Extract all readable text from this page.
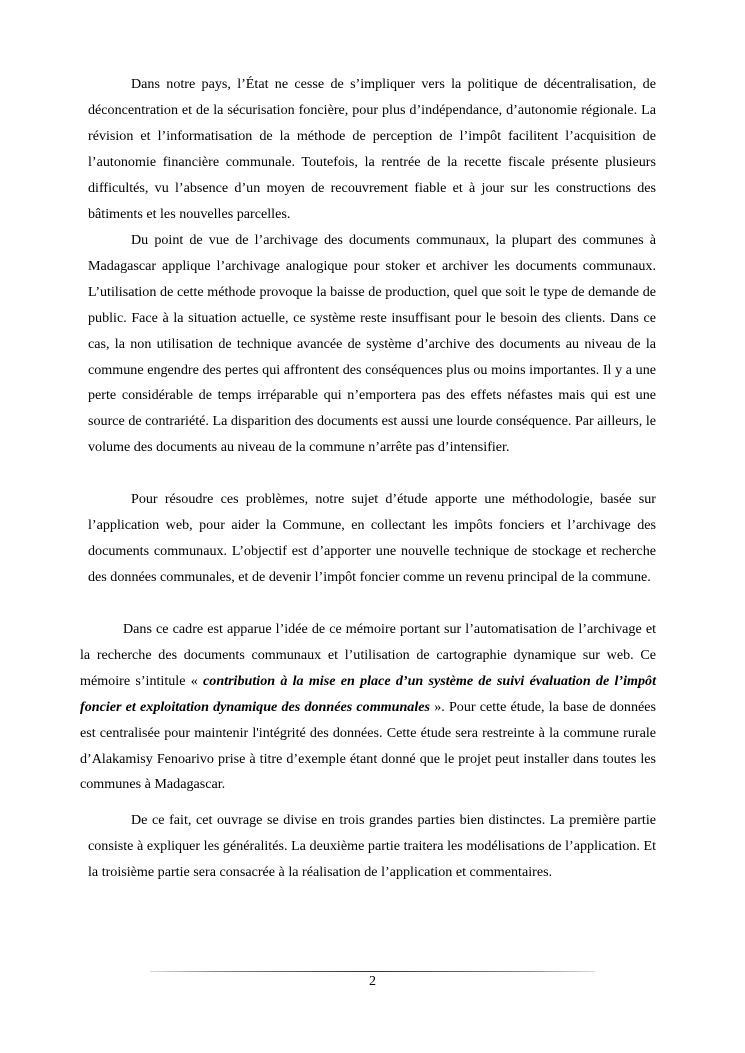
Dans notre pays, l’État ne cesse de s’impliquer vers la politique de décentralisation, de déconcentration et de la sécurisation foncière, pour plus d’indépendance, d’autonomie régionale. La révision et l’informatisation de la méthode de perception de l’impôt facilitent l’acquisition de l’autonomie financière communale. Toutefois, la rentrée de la recette fiscale présente plusieurs difficultés, vu l’absence d’un moyen de recouvrement fiable et à jour sur les constructions des bâtiments et les nouvelles parcelles.

Du point de vue de l’archivage des documents communaux, la plupart des communes à Madagascar applique l’archivage analogique pour stoker et archiver les documents communaux. L’utilisation de cette méthode provoque la baisse de production, quel que soit le type de demande de public. Face à la situation actuelle, ce système reste insuffisant pour le besoin des clients. Dans ce cas, la non utilisation de technique avancée de système d’archive des documents au niveau de la commune engendre des pertes qui affrontent des conséquences plus ou moins importantes. Il y a une perte considérable de temps irréparable qui n’emportera pas des effets néfastes mais qui est une source de contrariété. La disparition des documents est aussi une lourde conséquence. Par ailleurs, le volume des documents au niveau de la commune n’arrête pas d’intensifier.

Pour résoudre ces problèmes, notre sujet d’étude apporte une méthodologie, basée sur l’application web, pour aider la Commune, en collectant les impôts fonciers et l’archivage des documents communaux. L’objectif est d’apporter une nouvelle technique de stockage et recherche des données communales, et de devenir l’impôt foncier comme un revenu principal de la commune.

Dans ce cadre est apparue l’idée de ce mémoire portant sur l’automatisation de l’archivage et la recherche des documents communaux et l’utilisation de cartographie dynamique sur web. Ce mémoire s’intitule « contribution à la mise en place d’un système de suivi évaluation de l’impôt foncier et exploitation dynamique des données communales ». Pour cette étude, la base de données est centralisée pour maintenir l'intégrité des données. Cette étude sera restreinte à la commune rurale d’Alakamisy Fenoarivo prise à titre d’exemple étant donné que le projet peut installer dans toutes les communes à Madagascar.

De ce fait, cet ouvrage se divise en trois grandes parties bien distinctes. La première partie consiste à expliquer les généralités. La deuxième partie traitera les modélisations de l’application. Et la troisième partie sera consacrée à la réalisation de l’application et commentaires.

2
